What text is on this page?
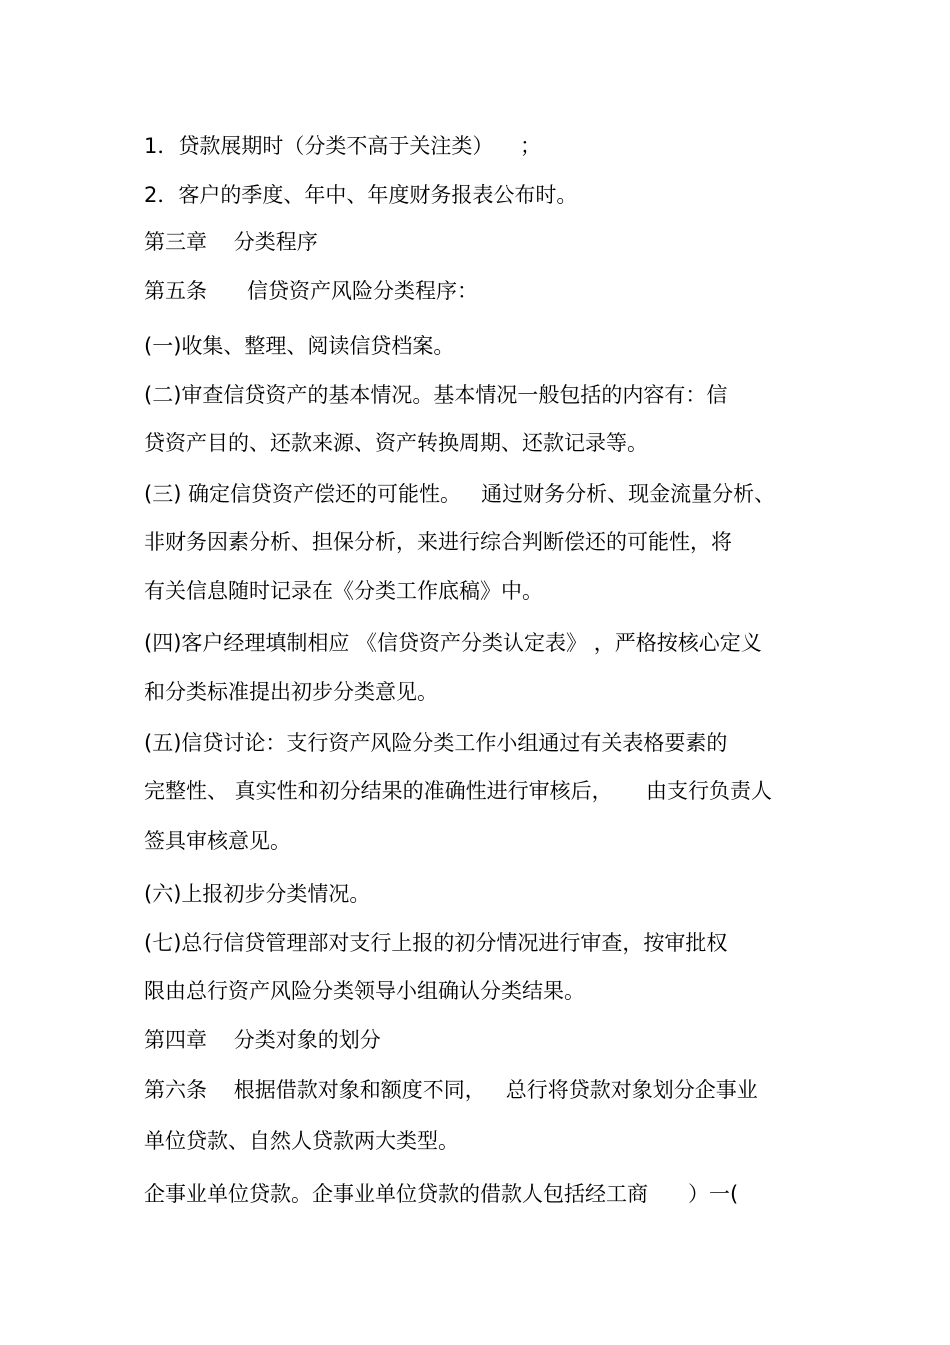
1．贷款展期时（分类不高于关注类）    ；
2．客户的季度、年中、年度财务报表公布时。
第三章    分类程序
第五条      信贷资产风险分类程序：
(一)收集、整理、阅读信贷档案。
(二)审查信贷资产的基本情况。基本情况一般包括的内容有：信
贷资产目的、还款来源、资产转换周期、还款记录等。
(三) 确定信贷资产偿还的可能性。   通过财务分析、现金流量分析、
非财务因素分析、担保分析，来进行综合判断偿还的可能性，将
有关信息随时记录在《分类工作底稿》中。
(四)客户经理填制相应 《信贷资产分类认定表》 ，严格按核心定义
和分类标准提出初步分类意见。
(五)信贷讨论：支行资产风险分类工作小组通过有关表格要素的
完整性、 真实性和初分结果的准确性进行审核后，     由支行负责人
签具审核意见。
(六)上报初步分类情况。
(七)总行信贷管理部对支行上报的初分情况进行审查，按审批权
限由总行资产风险分类领导小组确认分类结果。
第四章    分类对象的划分
第六条    根据借款对象和额度不同，   总行将贷款对象划分企事业
单位贷款、自然人贷款两大类型。
企事业单位贷款。企事业单位贷款的借款人包括经工商      ）一(
